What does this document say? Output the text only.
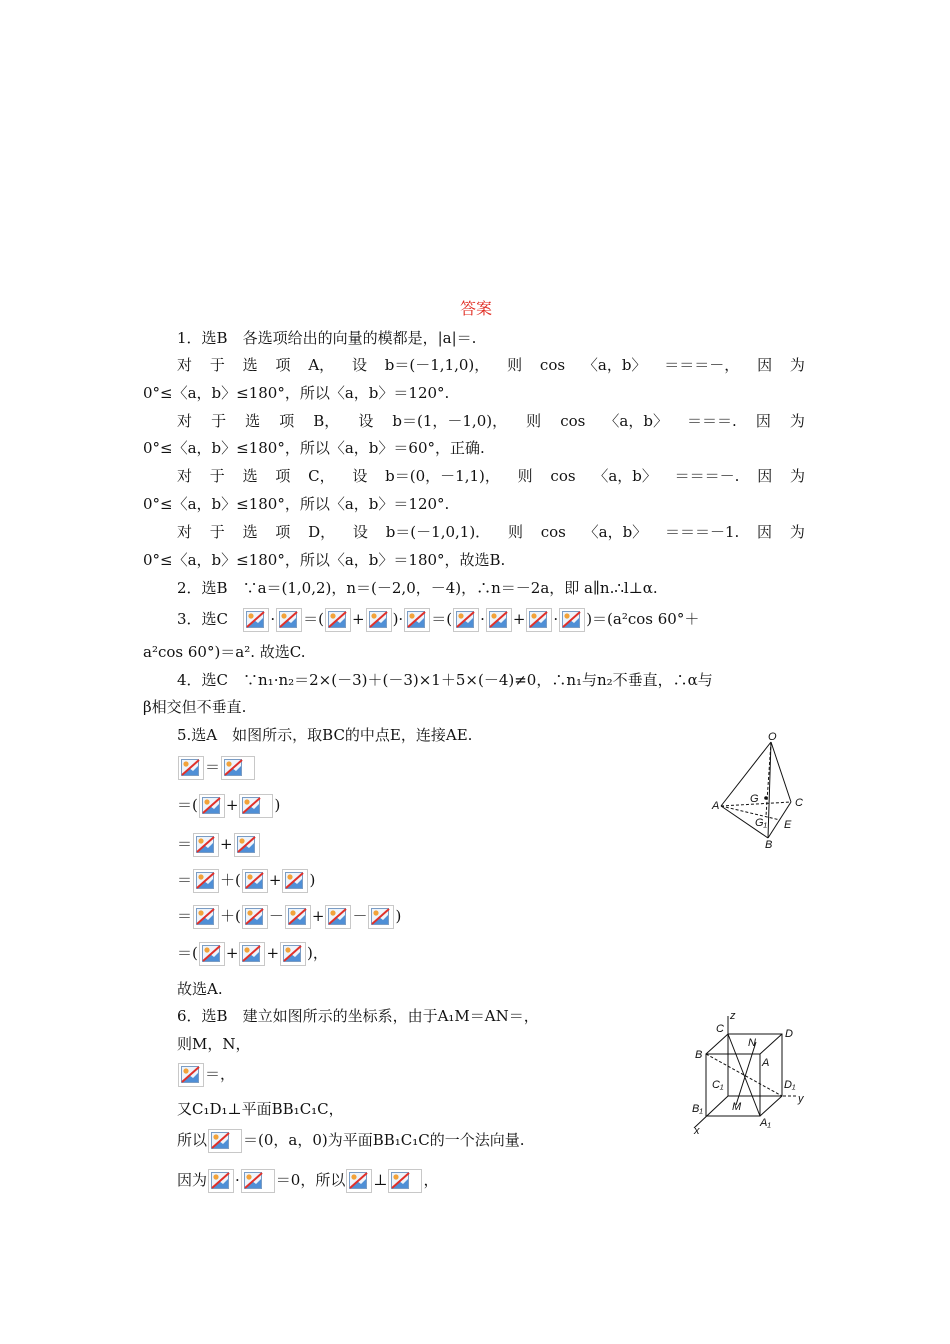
答案
1．选B　各选项给出的向量的模都是，|a|＝.
对 于 选 项 A， 设 b＝(－1,1,0)， 则 cos 〈a，b〉 ＝＝＝－， 因 为
0°≤〈a，b〉≤180°，所以〈a，b〉＝120°.
对 于 选 项 B， 设 b＝(1，－1,0)， 则 cos 〈a，b〉 ＝＝＝. 因 为
0°≤〈a，b〉≤180°，所以〈a，b〉＝60°，正确.
对 于 选 项 C， 设 b＝(0，－1,1)， 则 cos 〈a，b〉 ＝＝＝－. 因 为
0°≤〈a，b〉≤180°，所以〈a，b〉＝120°.
对 于 选 项 D， 设 b＝(－1,0,1)． 则 cos 〈a，b〉 ＝＝＝－1. 因 为
0°≤〈a，b〉≤180°，所以〈a，b〉＝180°，故选B.
2．选B　∵a＝(1,0,2)，n＝(－2,0，－4)，∴n＝－2a，即 a∥n.∴l⊥α.
3．选C	· ＝( + )· ＝( · + · )＝(a²cos 60°＋
a²cos 60°)＝a². 故选C.
4．选C　∵n₁·n₂＝2×(－3)＋(－3)×1＋5×(－4)≠0，∴n₁与n₂不垂直，∴α与
β相交但不垂直.
5.选A　如图所示，取BC的中点E，连接AE.
＝
＝( + )
＝ +
＝ ＋( + )
＝ ＋( － + － )
＝( + + )，
故选A.
O
G
A	C
G₁ E
B
6．选B　建立如图所示的坐标系，由于A₁M＝AN＝，
则M，N，
＝，
又C₁D₁⊥平面BB₁C₁C，
所以 ＝(0，a，0)为平面BB₁C₁C的一个法向量.
因为 · ＝0，所以 ⊥ ，
z
C	D
N
B
A
C₁	D₁
y
B₁	M
A₁
x
